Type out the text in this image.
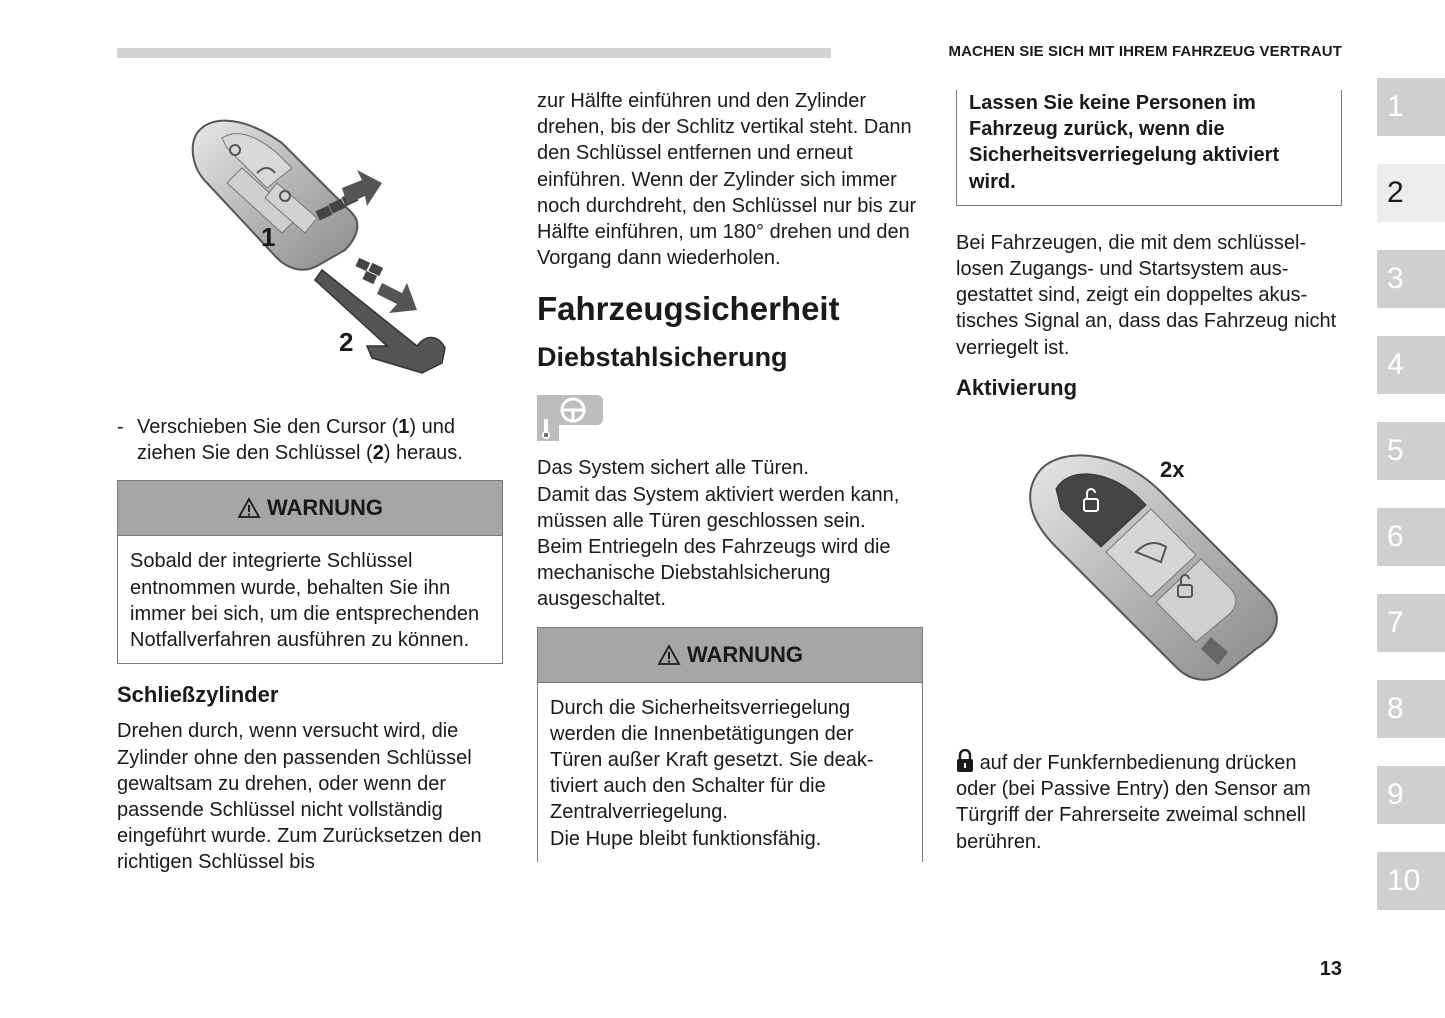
MACHEN SIE SICH MIT IHREM FAHRZEUG VERTRAUT
1
2
- Verschieben Sie den Cursor (1) und ziehen Sie den Schlüssel (2) heraus.
WARNUNG
Sobald der integrierte Schlüssel entnommen wurde, behalten Sie ihn immer bei sich, um die entsprechenden Notfallverfahren ausführen zu können.
Schließzylinder

Drehen durch, wenn versucht wird, die Zylinder ohne den passenden Schlüssel gewaltsam zu drehen, oder wenn der passende Schlüssel nicht vollständig eingeführt wurde. Zum Zurücksetzen den richtigen Schlüssel bis

zur Hälfte einführen und den Zylinder drehen, bis der Schlitz vertikal steht. Dann den Schlüssel entfernen und erneut einführen. Wenn der Zylinder sich immer noch durchdreht, den Schlüssel nur bis zur Hälfte einführen, um 180° drehen und den Vorgang dann wiederholen.

Fahrzeugsicherheit
Diebstahlsicherung

Das System sichert alle Türen.

Damit das System aktiviert werden kann, müssen alle Türen geschlossen sein.

Beim Entriegeln des Fahrzeugs wird die mechanische Diebstahlsicherung ausgeschaltet.

WARNUNG
Durch die Sicherheitsverriegelung werden die Innenbetätigungen der Türen außer Kraft gesetzt. Sie deaktiviert auch den Schalter für die Zentralverriegelung.
Die Hupe bleibt funktionsfähig.
Lassen Sie keine Personen im Fahrzeug zurück, wenn die Sicherheitsverriegelung aktiviert wird.

Bei Fahrzeugen, die mit dem schlüssellosen Zugangs- und Startsystem ausgestattet sind, zeigt ein doppeltes akustisches Signal an, dass das Fahrzeug nicht verriegelt ist.

Aktivierung
2x

auf der Funkfernbedienung drücken oder (bei Passive Entry) den Sensor am Türgriff der Fahrerseite zweimal schnell berühren.

1
2
3
4
5
6
7
8
9
10
13
